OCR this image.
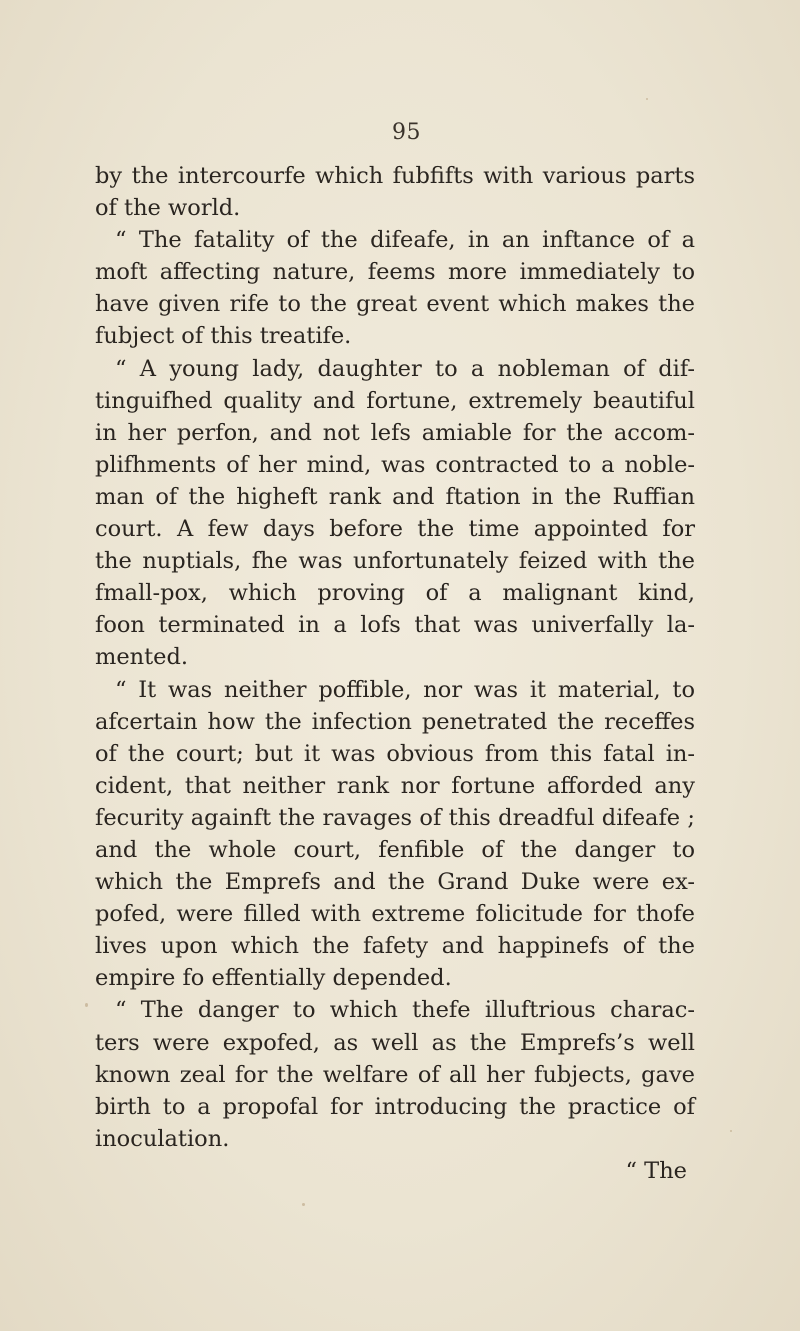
95
by the intercourfe which fubfifts with various parts
of the world.
“ The fatality of the difeafe, in an inftance of a
moft affecting nature, feems more immediately to
have given rife to the great event which makes the
fubject of this treatife.
“ A young lady, daughter to a nobleman of dif-
tinguifhed quality and fortune, extremely beautiful
in her perfon, and not lefs amiable for the accom-
plifhments of her mind, was contracted to a noble-
man of the higheft rank and ftation in the Ruffian
court. A few days before the time appointed for
the nuptials, fhe was unfortunately feized with the
fmall-pox, which proving of a malignant kind,
foon terminated in a lofs that was univerfally la-
mented.
“ It was neither poffible, nor was it material, to
afcertain how the infection penetrated the receffes
of the court; but it was obvious from this fatal in-
cident, that neither rank nor fortune afforded any
fecurity againft the ravages of this dreadful difeafe ;
and the whole court, fenfible of the danger to
which the Emprefs and the Grand Duke were ex-
pofed, were filled with extreme folicitude for thofe
lives upon which the fafety and happinefs of the
empire fo effentially depended.
“ The danger to which thefe illuftrious charac-
ters were expofed, as well as the Emprefs’s well
known zeal for the welfare of all her fubjects, gave
birth to a propofal for introducing the practice of
inoculation.
“ The
